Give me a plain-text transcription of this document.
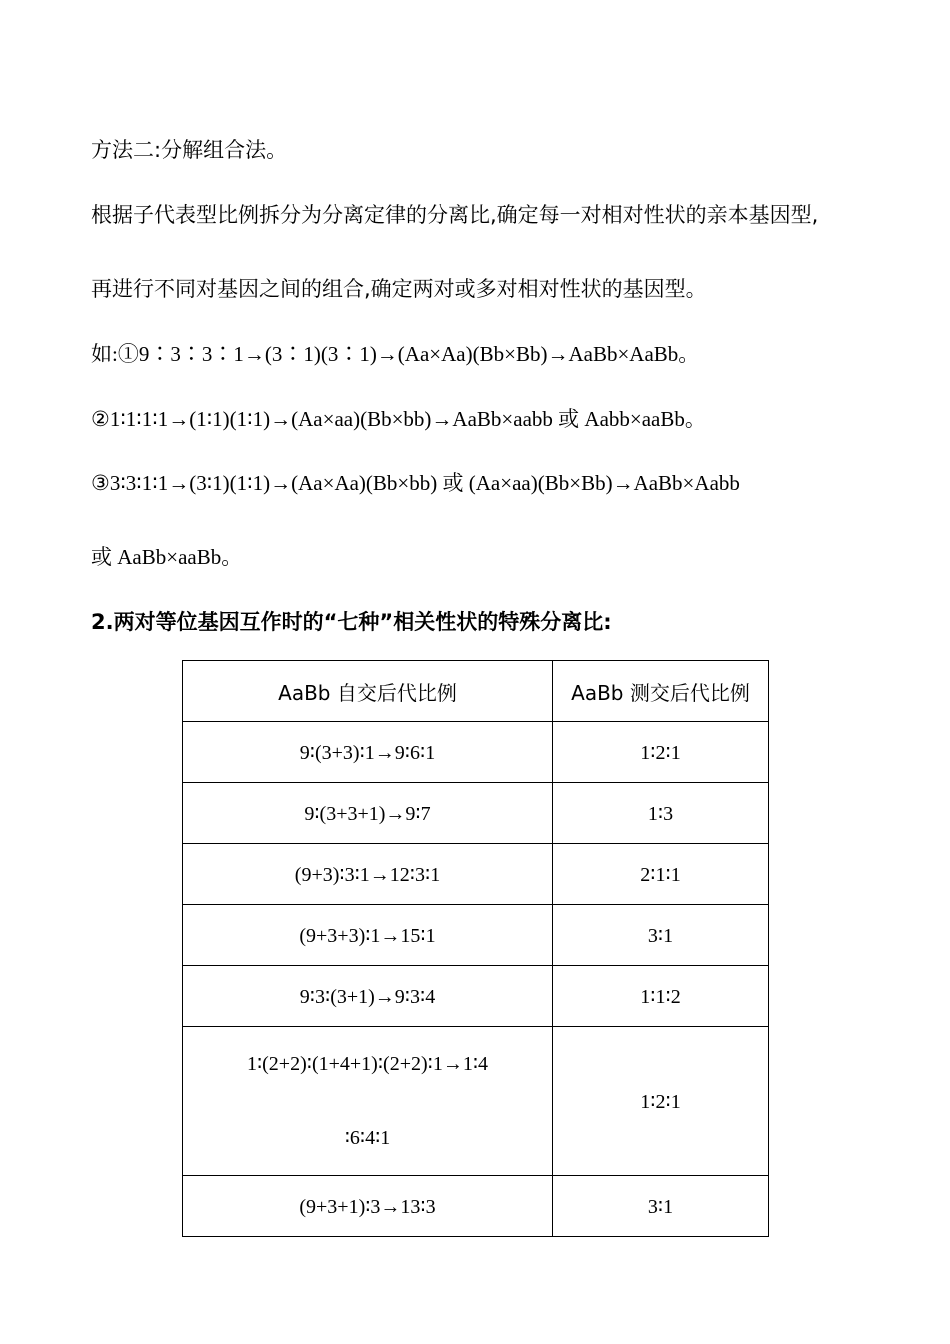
方法二:分解组合法。
根据子代表型比例拆分为分离定律的分离比,确定每一对相对性状的亲本基因型,
再进行不同对基因之间的组合,确定两对或多对相对性状的基因型。
如:①9∶3∶3∶1→(3∶1)(3∶1)→(Aa×Aa)(Bb×Bb)→AaBb×AaBb。
②1∶1∶1∶1→(1∶1)(1∶1)→(Aa×aa)(Bb×bb)→AaBb×aabb 或 Aabb×aaBb。
③3∶3∶1∶1→(3∶1)(1∶1)→(Aa×Aa)(Bb×bb) 或 (Aa×aa)(Bb×Bb)→AaBb×Aabb
或 AaBb×aaBb。
2.两对等位基因互作时的“七种”相关性状的特殊分离比:
AaBb 自交后代比例	AaBb 测交后代比例
9∶(3+3)∶1→9∶6∶1	1∶2∶1
9∶(3+3+1)→9∶7	1∶3
(9+3)∶3∶1→12∶3∶1	2∶1∶1
(9+3+3)∶1→15∶1	3∶1
9∶3∶(3+1)→9∶3∶4	1∶1∶2

1∶(2+2)∶(1+4+1)∶(2+2)∶1→1∶4
∶6∶4∶1	1∶2∶1
(9+3+1)∶3→13∶3	3∶1
